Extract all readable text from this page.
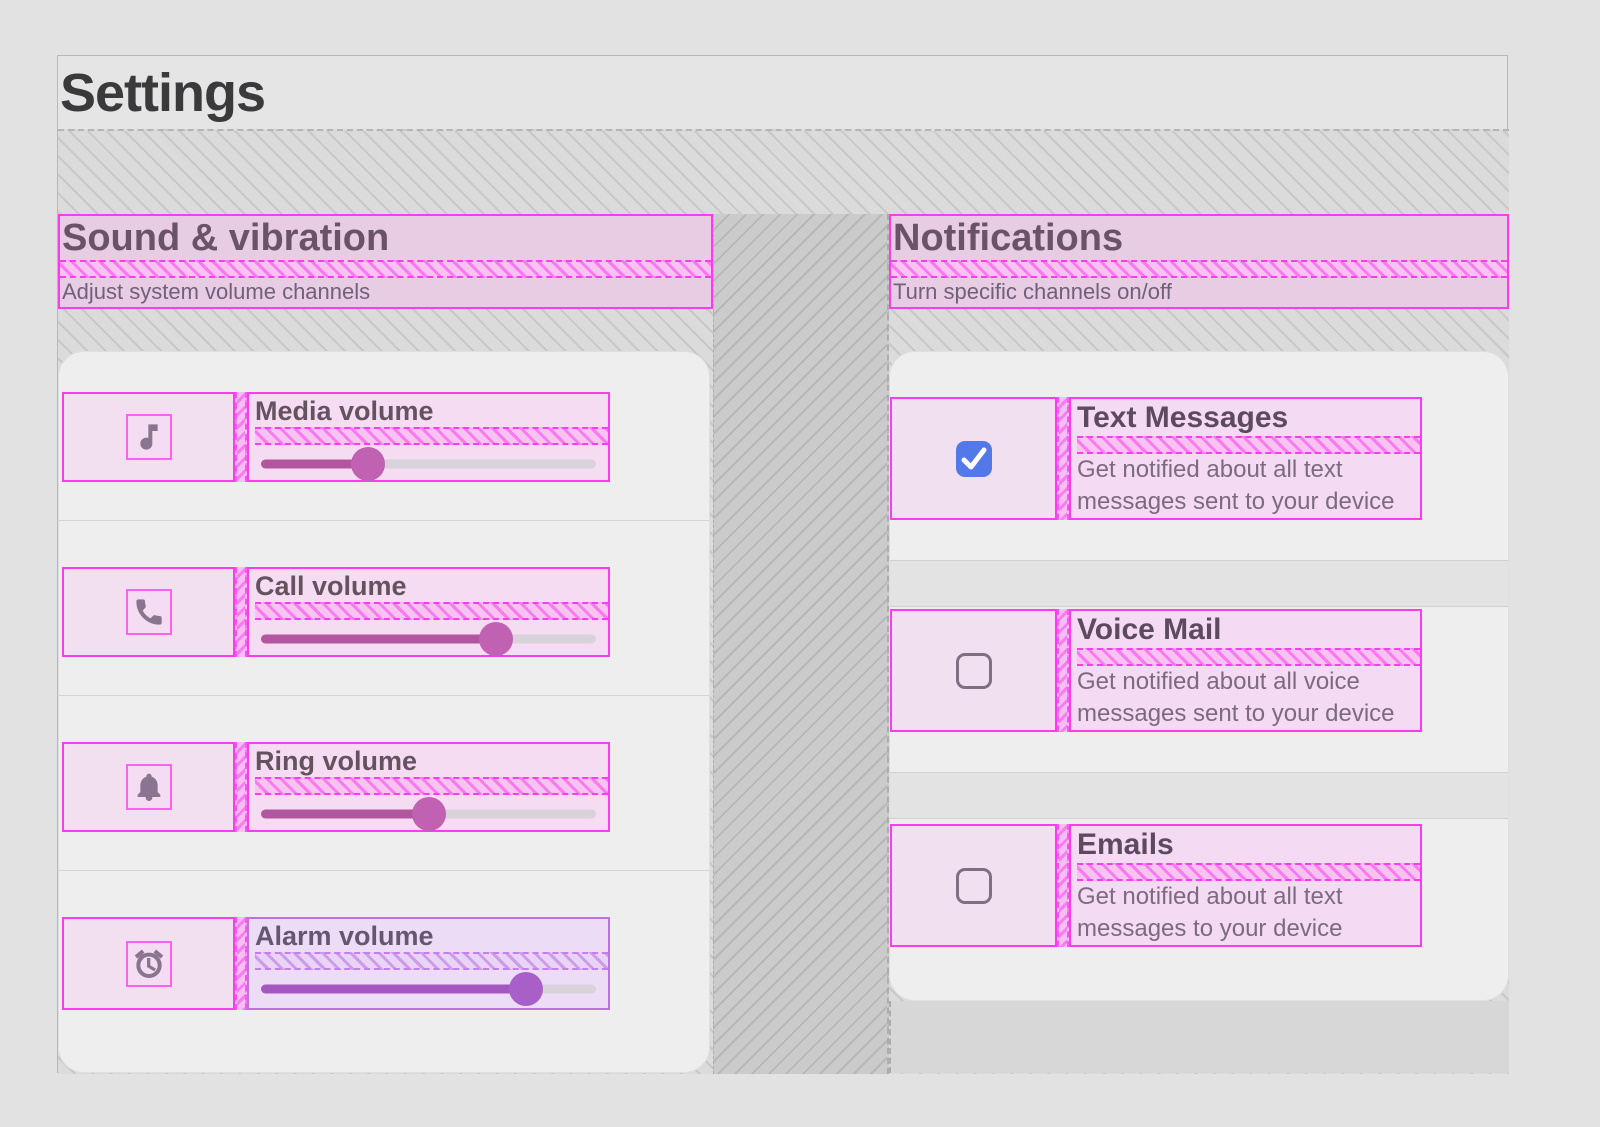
Settings
Sound & vibration
Adjust system volume channels
Notifications
Turn specific channels on/off
Media volume
Call volume
Ring volume
Alarm volume
Text Messages
Get notified about all text messages sent to your device
Voice Mail
Get notified about all voice messages sent to your device
Emails
Get notified about all text messages to your device
